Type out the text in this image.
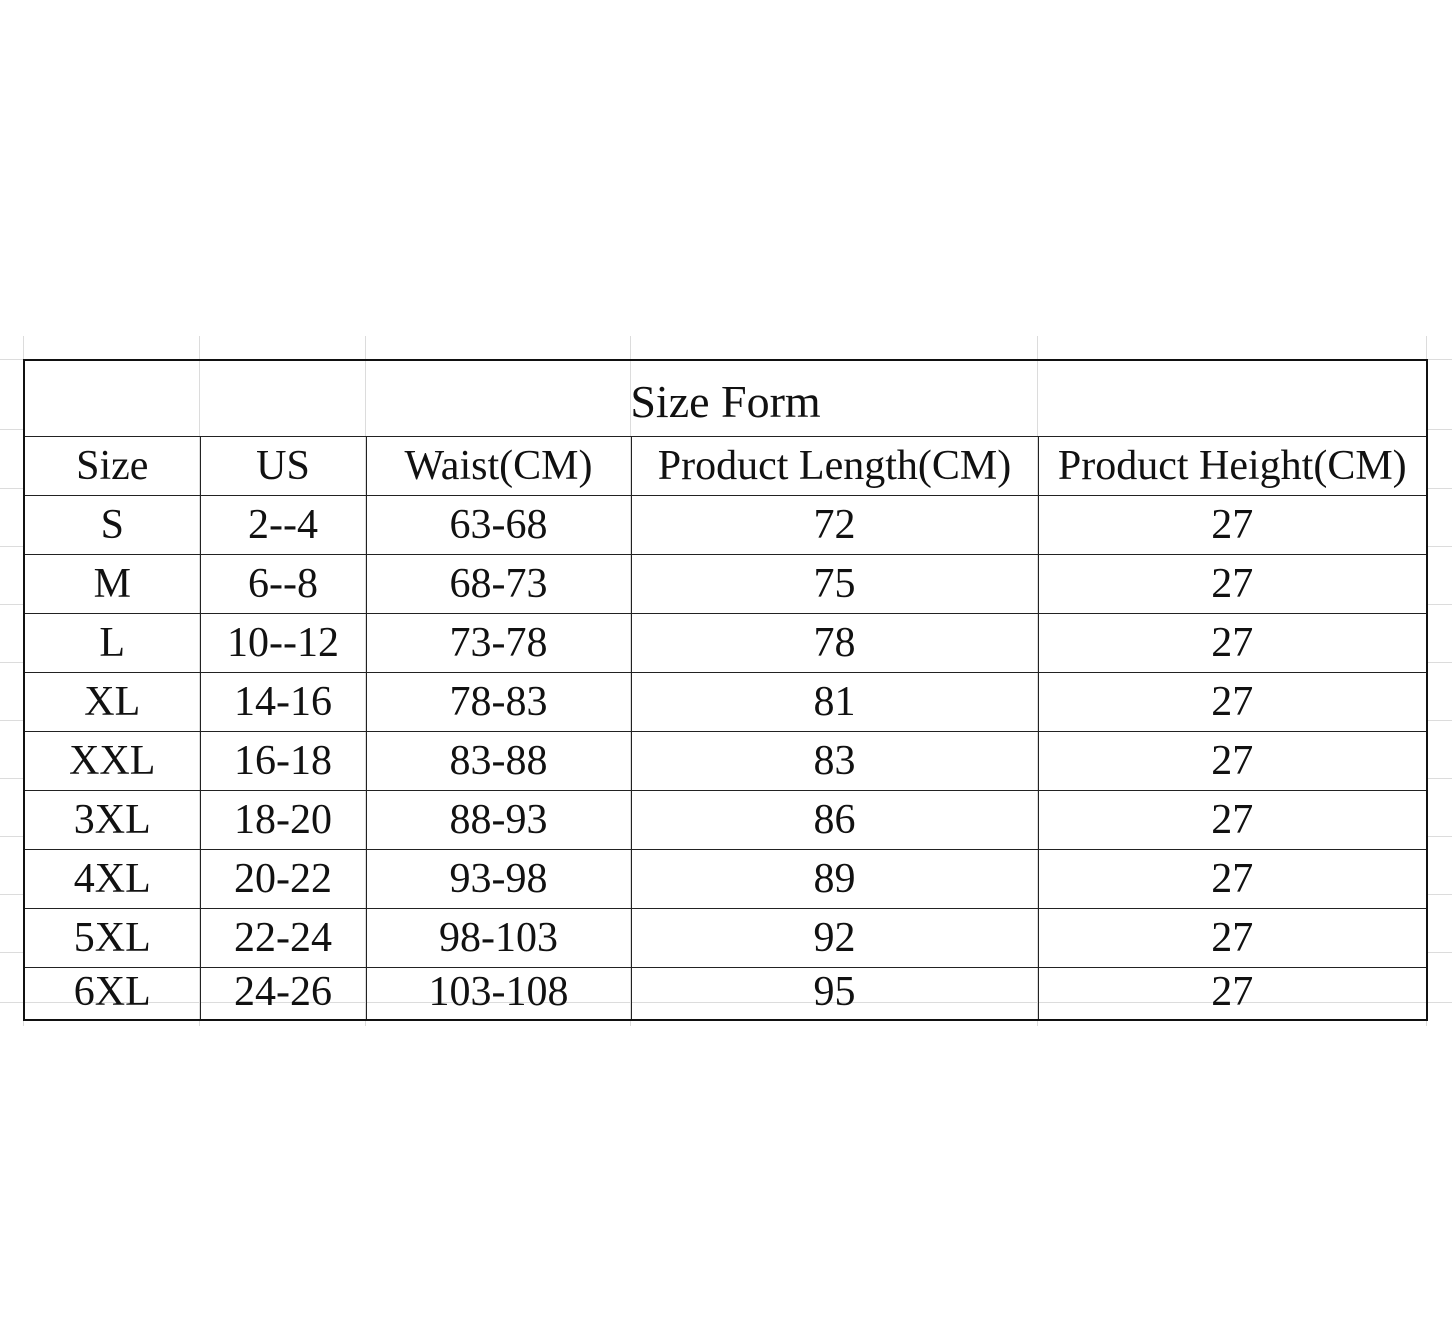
Size Form				
Size	US	Waist(CM)	Product Length(CM)	Product Height(CM)
S	2--4	63-68	72	27
M	6--8	68-73	75	27
L	10--12	73-78	78	27
XL	14-16	78-83	81	27
XXL	16-18	83-88	83	27
3XL	18-20	88-93	86	27
4XL	20-22	93-98	89	27
5XL	22-24	98-103	92	27
6XL	24-26	103-108	95	27
